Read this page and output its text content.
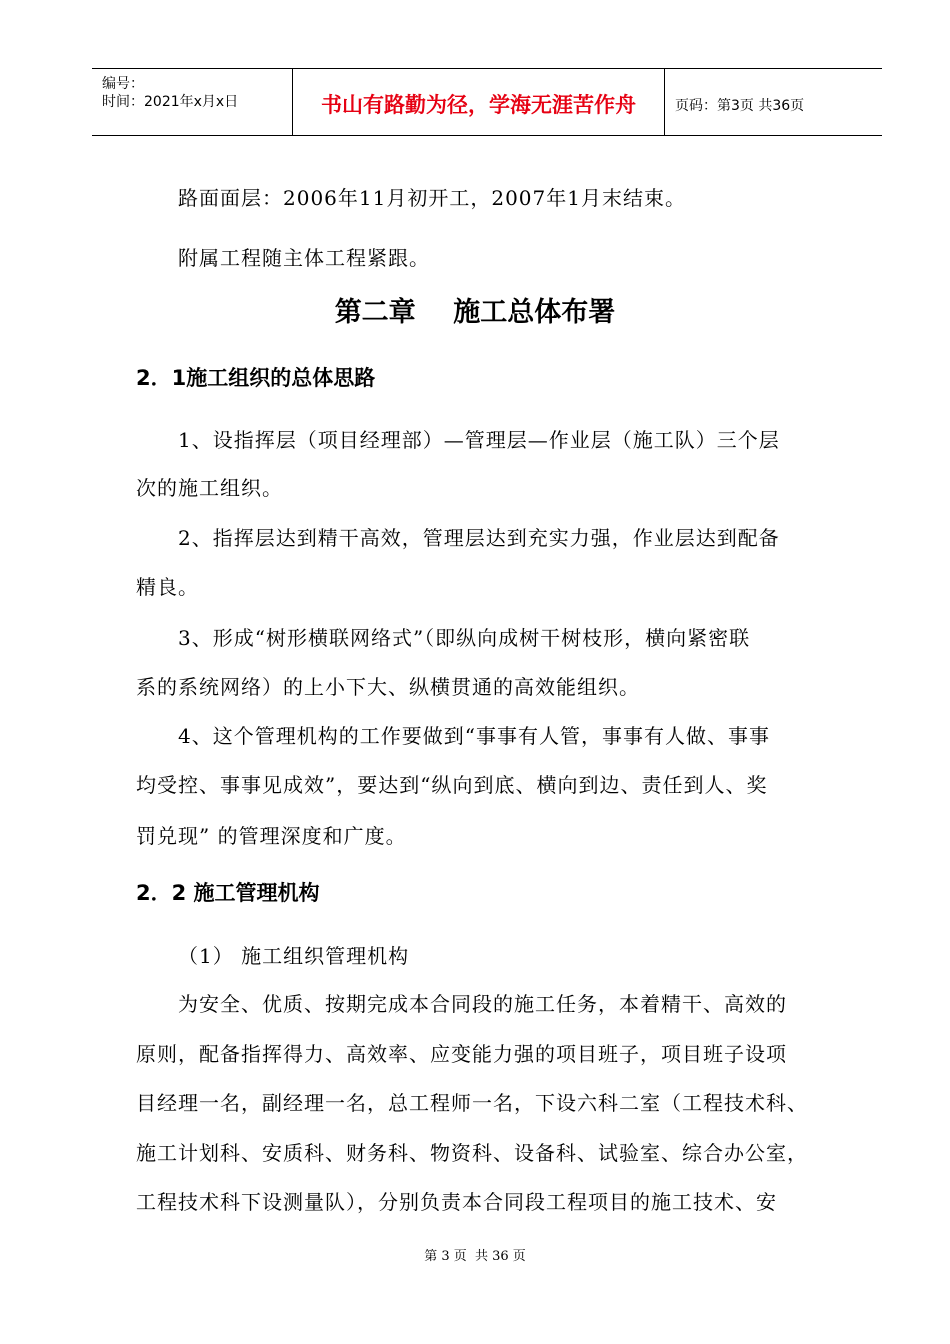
编号：
时间：2021年x月x日	书山有路勤为径，学海无涯苦作舟	页码：第3页 共36页
路面面层：2006年11月初开工，2007年1月末结束。
附属工程随主体工程紧跟。
第二章    施工总体布署
2．1施工组织的总体思路
1、设指挥层（项目经理部）—管理层—作业层（施工队）三个层
次的施工组织。
2、指挥层达到精干高效，管理层达到充实力强，作业层达到配备
精良。
3、形成“树形横联网络式”（即纵向成树干树枝形，横向紧密联
系的系统网络）的上小下大、纵横贯通的高效能组织。
4、这个管理机构的工作要做到“事事有人管，事事有人做、事事
均受控、事事见成效”，要达到“纵向到底、横向到边、责任到人、奖
罚兑现” 的管理深度和广度。
2．2 施工管理机构
（1） 施工组织管理机构
为安全、优质、按期完成本合同段的施工任务，本着精干、高效的
原则，配备指挥得力、高效率、应变能力强的项目班子，项目班子设项
目经理一名，副经理一名，总工程师一名，下设六科二室（工程技术科、
施工计划科、安质科、财务科、物资科、设备科、试验室、综合办公室，
工程技术科下设测量队），分别负责本合同段工程项目的施工技术、安
第 3 页  共 36 页
